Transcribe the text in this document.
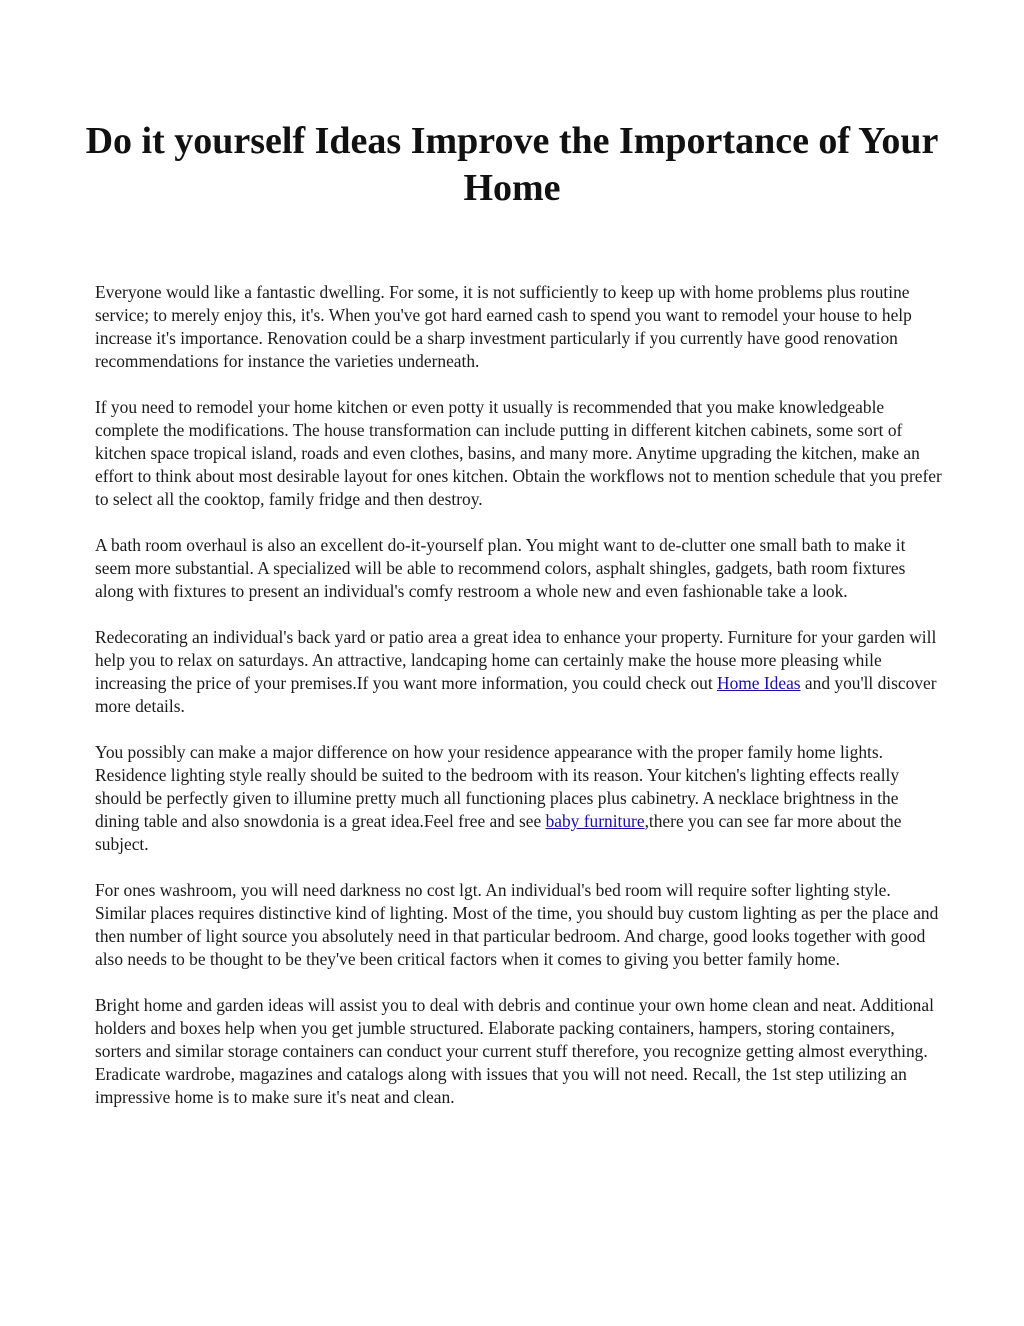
Do it yourself Ideas Improve the Importance of Your Home

Everyone would like a fantastic dwelling. For some, it is not sufficiently to keep up with home problems plus routine service; to merely enjoy this, it's. When you've got hard earned cash to spend you want to remodel your house to help increase it's importance. Renovation could be a sharp investment particularly if you currently have good renovation recommendations for instance the varieties underneath.

If you need to remodel your home kitchen or even potty it usually is recommended that you make knowledgeable complete the modifications. The house transformation can include putting in different kitchen cabinets, some sort of kitchen space tropical island, roads and even clothes, basins, and many more. Anytime upgrading the kitchen, make an effort to think about most desirable layout for ones kitchen. Obtain the workflows not to mention schedule that you prefer to select all the cooktop, family fridge and then destroy.

A bath room overhaul is also an excellent do-it-yourself plan. You might want to de-clutter one small bath to make it seem more substantial. A specialized will be able to recommend colors, asphalt shingles, gadgets, bath room fixtures along with fixtures to present an individual's comfy restroom a whole new and even fashionable take a look.

Redecorating an individual's back yard or patio area a great idea to enhance your property. Furniture for your garden will help you to relax on saturdays. An attractive, landcaping home can certainly make the house more pleasing while increasing the price of your premises.If you want more information, you could check out Home Ideas and you'll discover more details.

You possibly can make a major difference on how your residence appearance with the proper family home lights. Residence lighting style really should be suited to the bedroom with its reason. Your kitchen's lighting effects really should be perfectly given to illumine pretty much all functioning places plus cabinetry. A necklace brightness in the dining table and also snowdonia is a great idea.Feel free and see baby furniture,there you can see far more about the subject.

For ones washroom, you will need darkness no cost lgt. An individual's bed room will require softer lighting style. Similar places requires distinctive kind of lighting. Most of the time, you should buy custom lighting as per the place and then number of light source you absolutely need in that particular bedroom. And charge, good looks together with good also needs to be thought to be they've been critical factors when it comes to giving you better family home.

Bright home and garden ideas will assist you to deal with debris and continue your own home clean and neat. Additional holders and boxes help when you get jumble structured. Elaborate packing containers, hampers, storing containers, sorters and similar storage containers can conduct your current stuff therefore, you recognize getting almost everything. Eradicate wardrobe, magazines and catalogs along with issues that you will not need. Recall, the 1st step utilizing an impressive home is to make sure it's neat and clean.
